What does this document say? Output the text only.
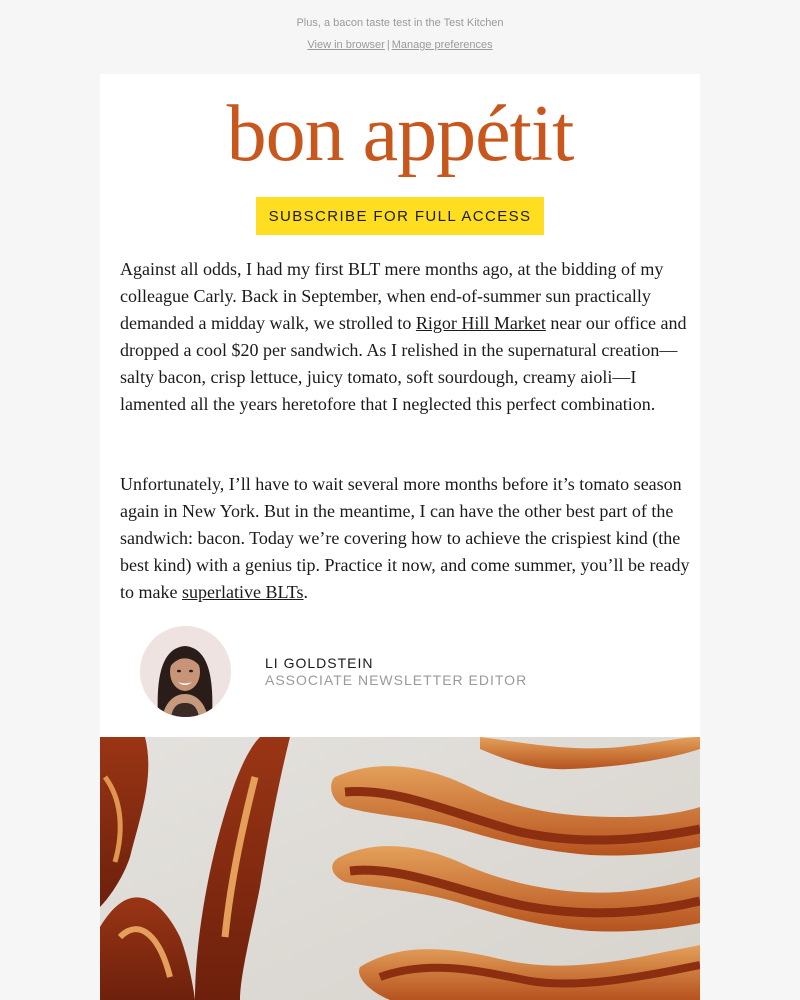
Plus, a bacon taste test in the Test Kitchen
View in browser | Manage preferences
bon appétit
SUBSCRIBE FOR FULL ACCESS

Against all odds, I had my first BLT mere months ago, at the bidding of my colleague Carly. Back in September, when end-of-summer sun practically demanded a midday walk, we strolled to Rigor Hill Market near our office and dropped a cool $20 per sandwich. As I relished in the supernatural creation—salty bacon, crisp lettuce, juicy tomato, soft sourdough, creamy aioli—I lamented all the years heretofore that I neglected this perfect combination.

Unfortunately, I’ll have to wait several more months before it’s tomato season again in New York. But in the meantime, I can have the other best part of the sandwich: bacon. Today we’re covering how to achieve the crispiest kind (the best kind) with a genius tip. Practice it now, and come summer, you’ll be ready to make superlative BLTs.

LI GOLDSTEIN
ASSOCIATE NEWSLETTER EDITOR
